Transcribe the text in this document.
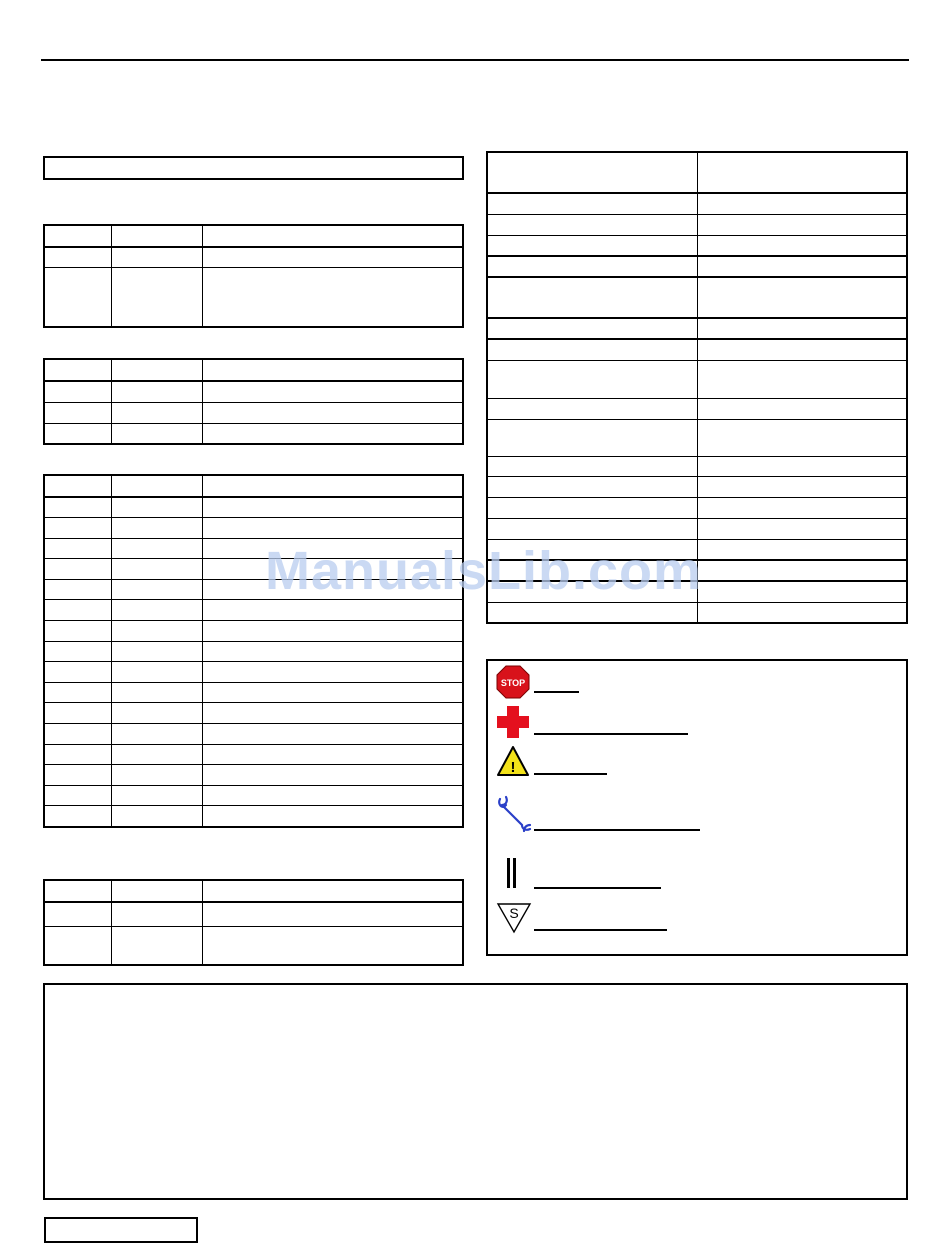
STOP
!
S
ManualsLib.com
